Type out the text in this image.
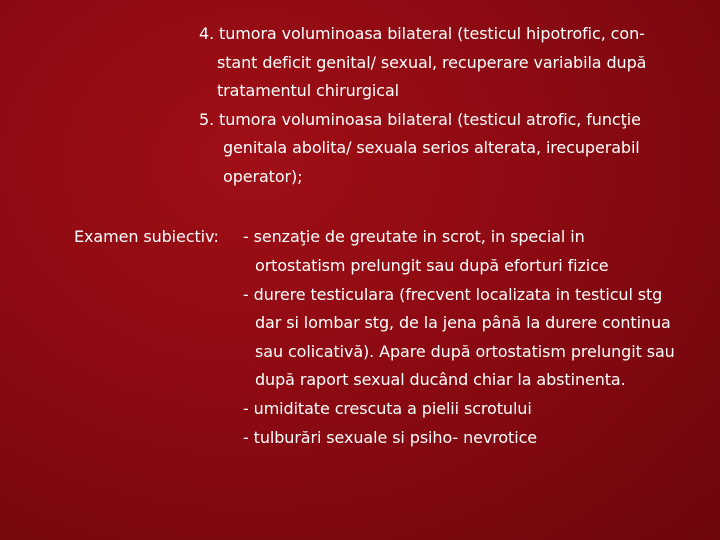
4. tumora voluminoasa bilateral (testicul hipotrofic, con-
stant deficit genital/ sexual, recuperare variabila după
tratamentul chirurgical
5. tumora voluminoasa bilateral (testicul atrofic, funcţie
genitala abolita/ sexuala serios alterata, irecuperabil
operator);
Examen subiectiv: - senzaţie de greutate in scrot, in special in
ortostatism prelungit sau după eforturi fizice
- durere testiculara (frecvent localizata in testicul stg
dar si lombar stg, de la jena până la durere continua
sau colicativă). Apare după ortostatism prelungit sau
după raport sexual ducând chiar la abstinenta.
- umiditate crescuta a pielii scrotului
- tulburări sexuale si psiho- nevrotice
